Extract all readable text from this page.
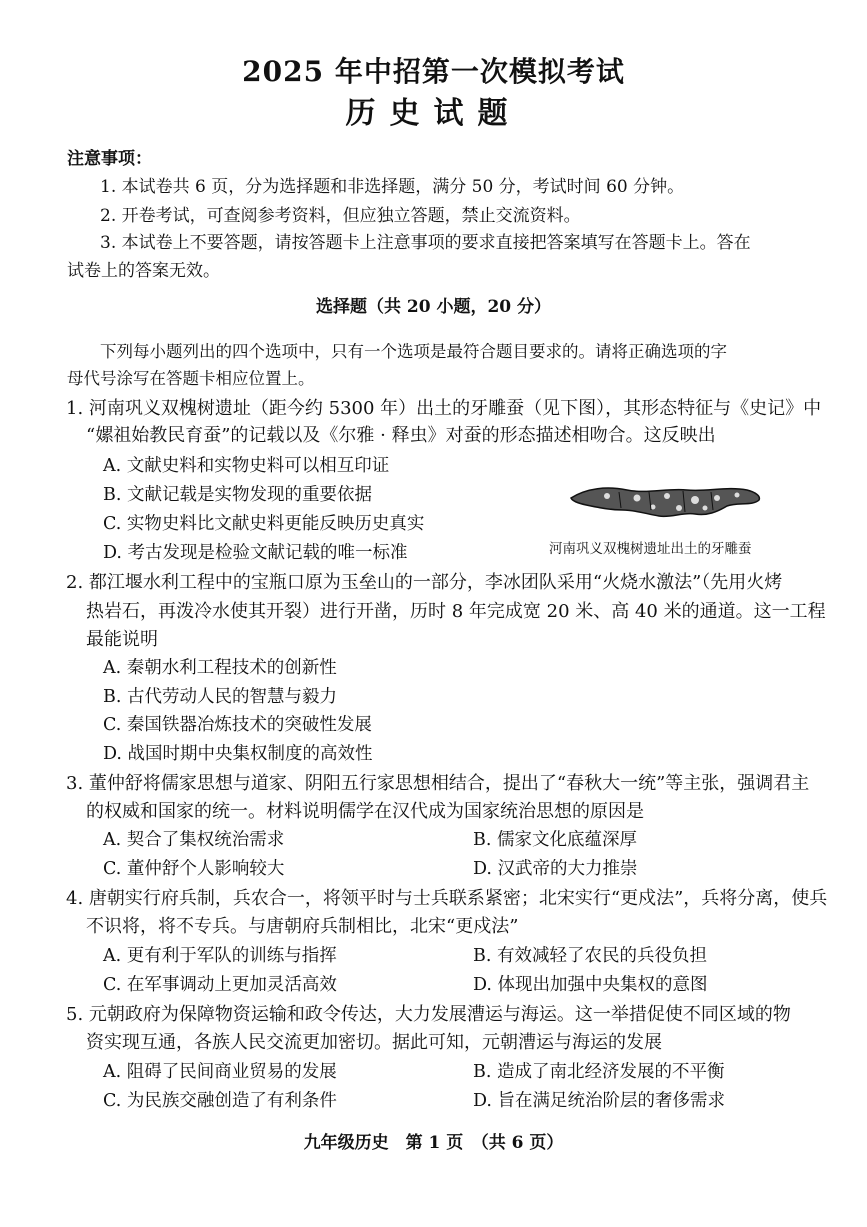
2025 年中招第一次模拟考试
历史试题
注意事项：
1. 本试卷共 6 页，分为选择题和非选择题，满分 50 分，考试时间 60 分钟。
2. 开卷考试，可查阅参考资料，但应独立答题，禁止交流资料。
3. 本试卷上不要答题，请按答题卡上注意事项的要求直接把答案填写在答题卡上。答在
试卷上的答案无效。
选择题（共 20 小题，20 分）
下列每小题列出的四个选项中，只有一个选项是最符合题目要求的。请将正确选项的字
母代号涂写在答题卡相应位置上。
1. 河南巩义双槐树遗址（距今约 5300 年）出土的牙雕蚕（见下图），其形态特征与《史记》中
“嫘祖始教民育蚕”的记载以及《尔雅 · 释虫》对蚕的形态描述相吻合。这反映出
A. 文献史料和实物史料可以相互印证
B. 文献记载是实物发现的重要依据
C. 实物史料比文献史料更能反映历史真实
D. 考古发现是检验文献记载的唯一标准	河南巩义双槐树遗址出土的牙雕蚕
2. 都江堰水利工程中的宝瓶口原为玉垒山的一部分，李冰团队采用“火烧水激法”（先用火烤
热岩石，再泼冷水使其开裂）进行开凿，历时 8 年完成宽 20 米、高 40 米的通道。这一工程
最能说明
A. 秦朝水利工程技术的创新性
B. 古代劳动人民的智慧与毅力
C. 秦国铁器冶炼技术的突破性发展
D. 战国时期中央集权制度的高效性
3. 董仲舒将儒家思想与道家、阴阳五行家思想相结合，提出了“春秋大一统”等主张，强调君主
的权威和国家的统一。材料说明儒学在汉代成为国家统治思想的原因是
A. 契合了集权统治需求	B. 儒家文化底蕴深厚
C. 董仲舒个人影响较大	D. 汉武帝的大力推崇
4. 唐朝实行府兵制，兵农合一，将领平时与士兵联系紧密；北宋实行“更戍法”，兵将分离，使兵
不识将，将不专兵。与唐朝府兵制相比，北宋“更戍法”
A. 更有利于军队的训练与指挥	B. 有效减轻了农民的兵役负担
C. 在军事调动上更加灵活高效	D. 体现出加强中央集权的意图
5. 元朝政府为保障物资运输和政令传达，大力发展漕运与海运。这一举措促使不同区域的物
资实现互通，各族人民交流更加密切。据此可知，元朝漕运与海运的发展
A. 阻碍了民间商业贸易的发展	B. 造成了南北经济发展的不平衡
C. 为民族交融创造了有利条件	D. 旨在满足统治阶层的奢侈需求
九年级历史　第 1 页　（共 6 页）
